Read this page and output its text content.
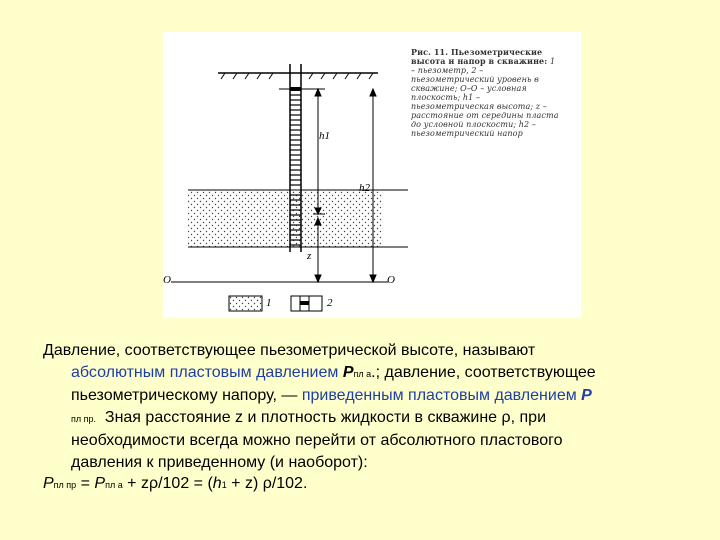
h1
h2
z
O	O
1	2
Рис. 11. Пьезометрические высота и напор в скважине: 1 – пьезометр, 2 – пьезометрический уровень в скважине; O–O – условная плоскость; h1 – пьезометрическая высота; z – расстояние от середины пласта до условной плоскости; h2 – пьезометрический напор

Давление, соответствующее пьезометрической высоте, называют

абсолютным пластовым давлением Pпл а.; давление, соответствующее

пьезометрическому напору, — приведенным пластовым давлением P

пл пр. Зная расстояние z и плотность жидкости в скважине ρ, при

необходимости всегда можно перейти от абсолютного пластового

давления к приведенному (и наоборот):

Pпл пр = Pпл а + zρ/102 = (h1 + z) ρ/102.
